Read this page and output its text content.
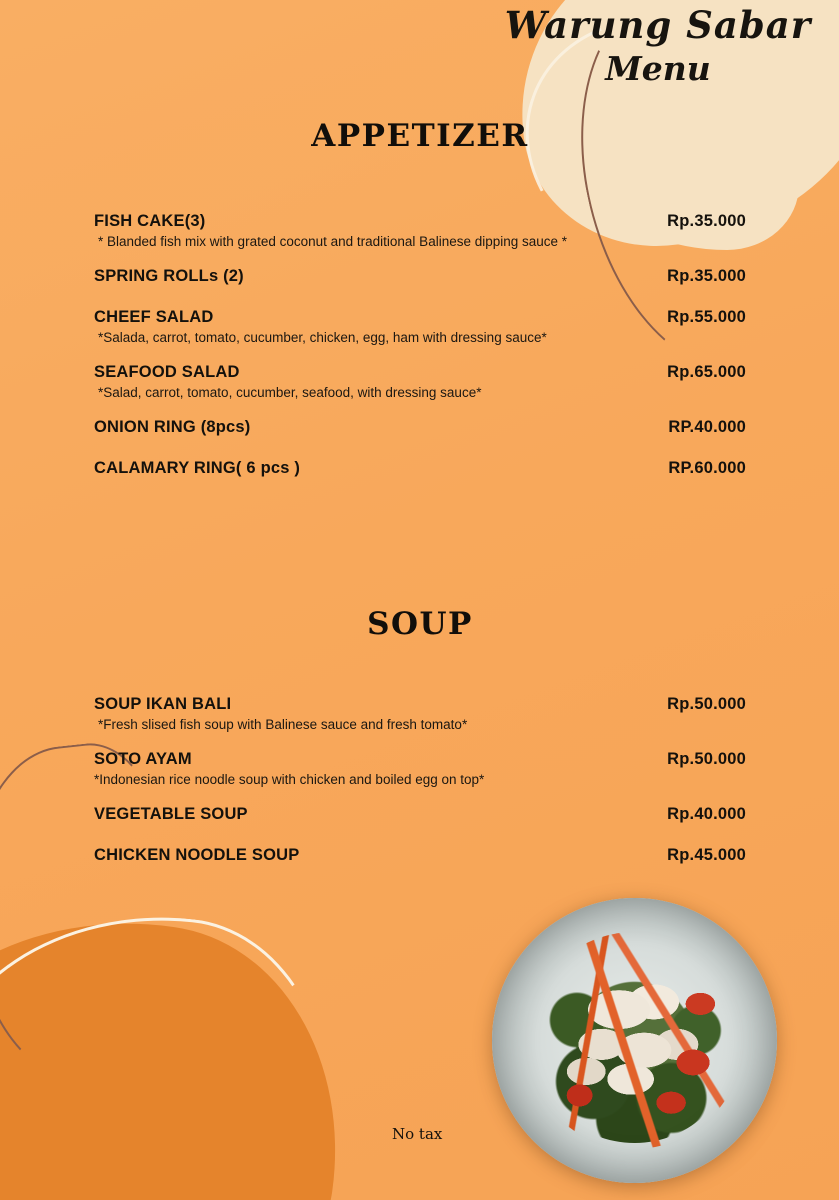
Warung Sabar
Menu
APPETIZER
FISH CAKE(3)	Rp.35.000
* Blanded fish mix with grated coconut and traditional Balinese dipping sauce *
SPRING ROLLs (2)	Rp.35.000
CHEEF SALAD	Rp.55.000
*Salada, carrot, tomato, cucumber, chicken, egg, ham with dressing sauce*
SEAFOOD SALAD	Rp.65.000
*Salad, carrot, tomato, cucumber, seafood, with dressing sauce*
ONION RING (8pcs)	RP.40.000
CALAMARY RING( 6 pcs )	RP.60.000
SOUP
SOUP IKAN BALI	Rp.50.000
*Fresh slised fish soup with Balinese sauce and fresh tomato*
SOTO AYAM	Rp.50.000
*Indonesian rice noodle soup with chicken and boiled egg on top*
VEGETABLE SOUP	Rp.40.000
CHICKEN NOODLE SOUP	Rp.45.000
No tax
